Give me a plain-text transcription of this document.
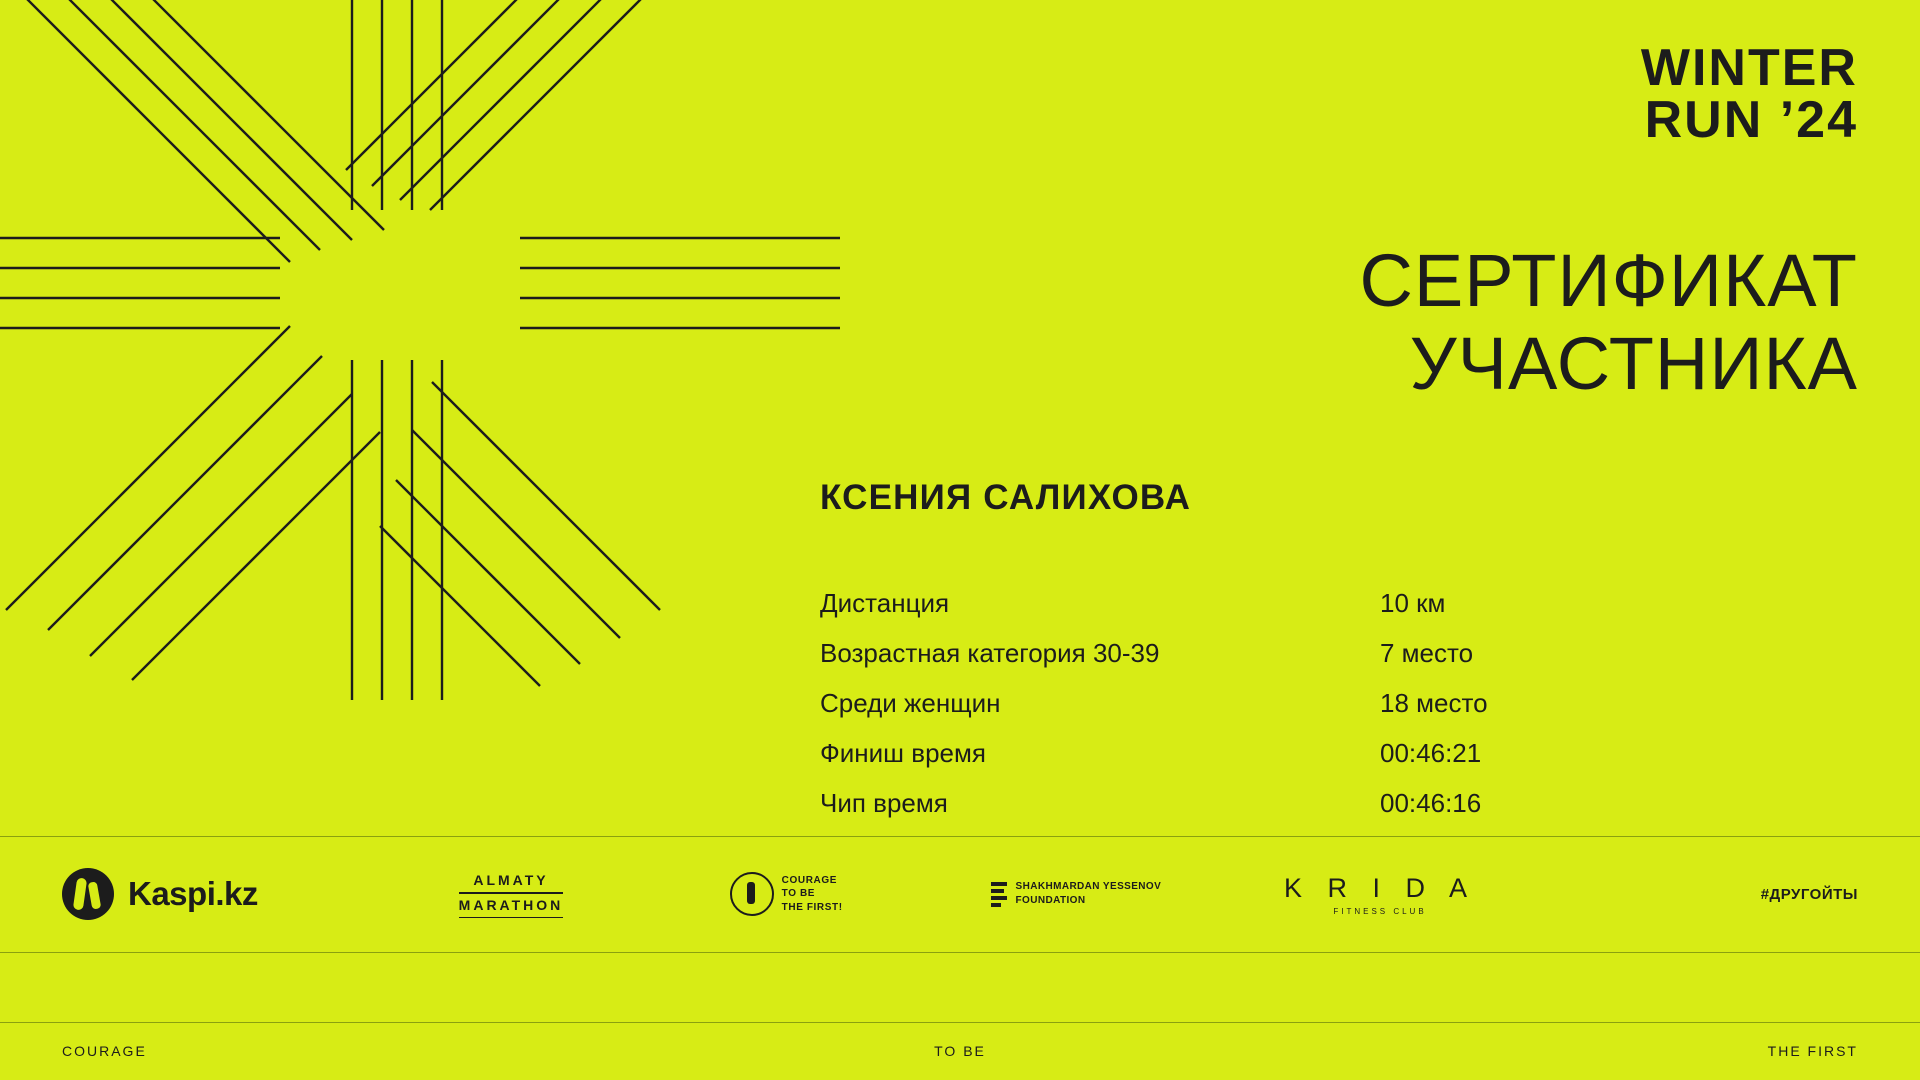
WINTER
RUN ’24
СЕРТИФИКАТ
УЧАСТНИКА
КСЕНИЯ САЛИХОВА
Дистанция	10 км
Возрастная категория 30-39	7 место
Среди женщин	18 место
Финиш время	00:46:21
Чип время	00:46:16
Kaspi.kz	ALMATY
MARATHON
COURAGE
TO BE
THE FIRST!
SHAKHMARDAN YESSENOV
FOUNDATION	K R I D A
FITNESS CLUB
#ДРУГОЙТЫ
COURAGE	TO BE	THE FIRST
